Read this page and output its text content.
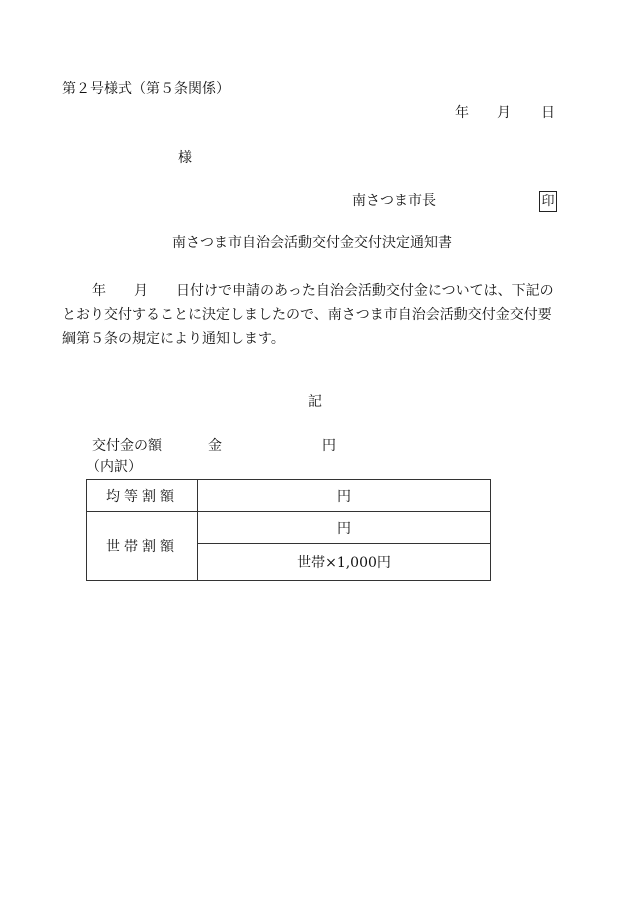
第２号様式（第５条関係）
年 月 日
様
南さつま市長	印
南さつま市自治会活動交付金交付決定通知書
年　　月　　日付けで申請のあった自治会活動交付金については、下記の
とおり交付することに決定しましたので、南さつま市自治会活動交付金交付要
綱第５条の規定により通知します。
記
交付金の額	金	円
（内訳）
均等割額	円
世帯割額	円
	世帯×1,000円
